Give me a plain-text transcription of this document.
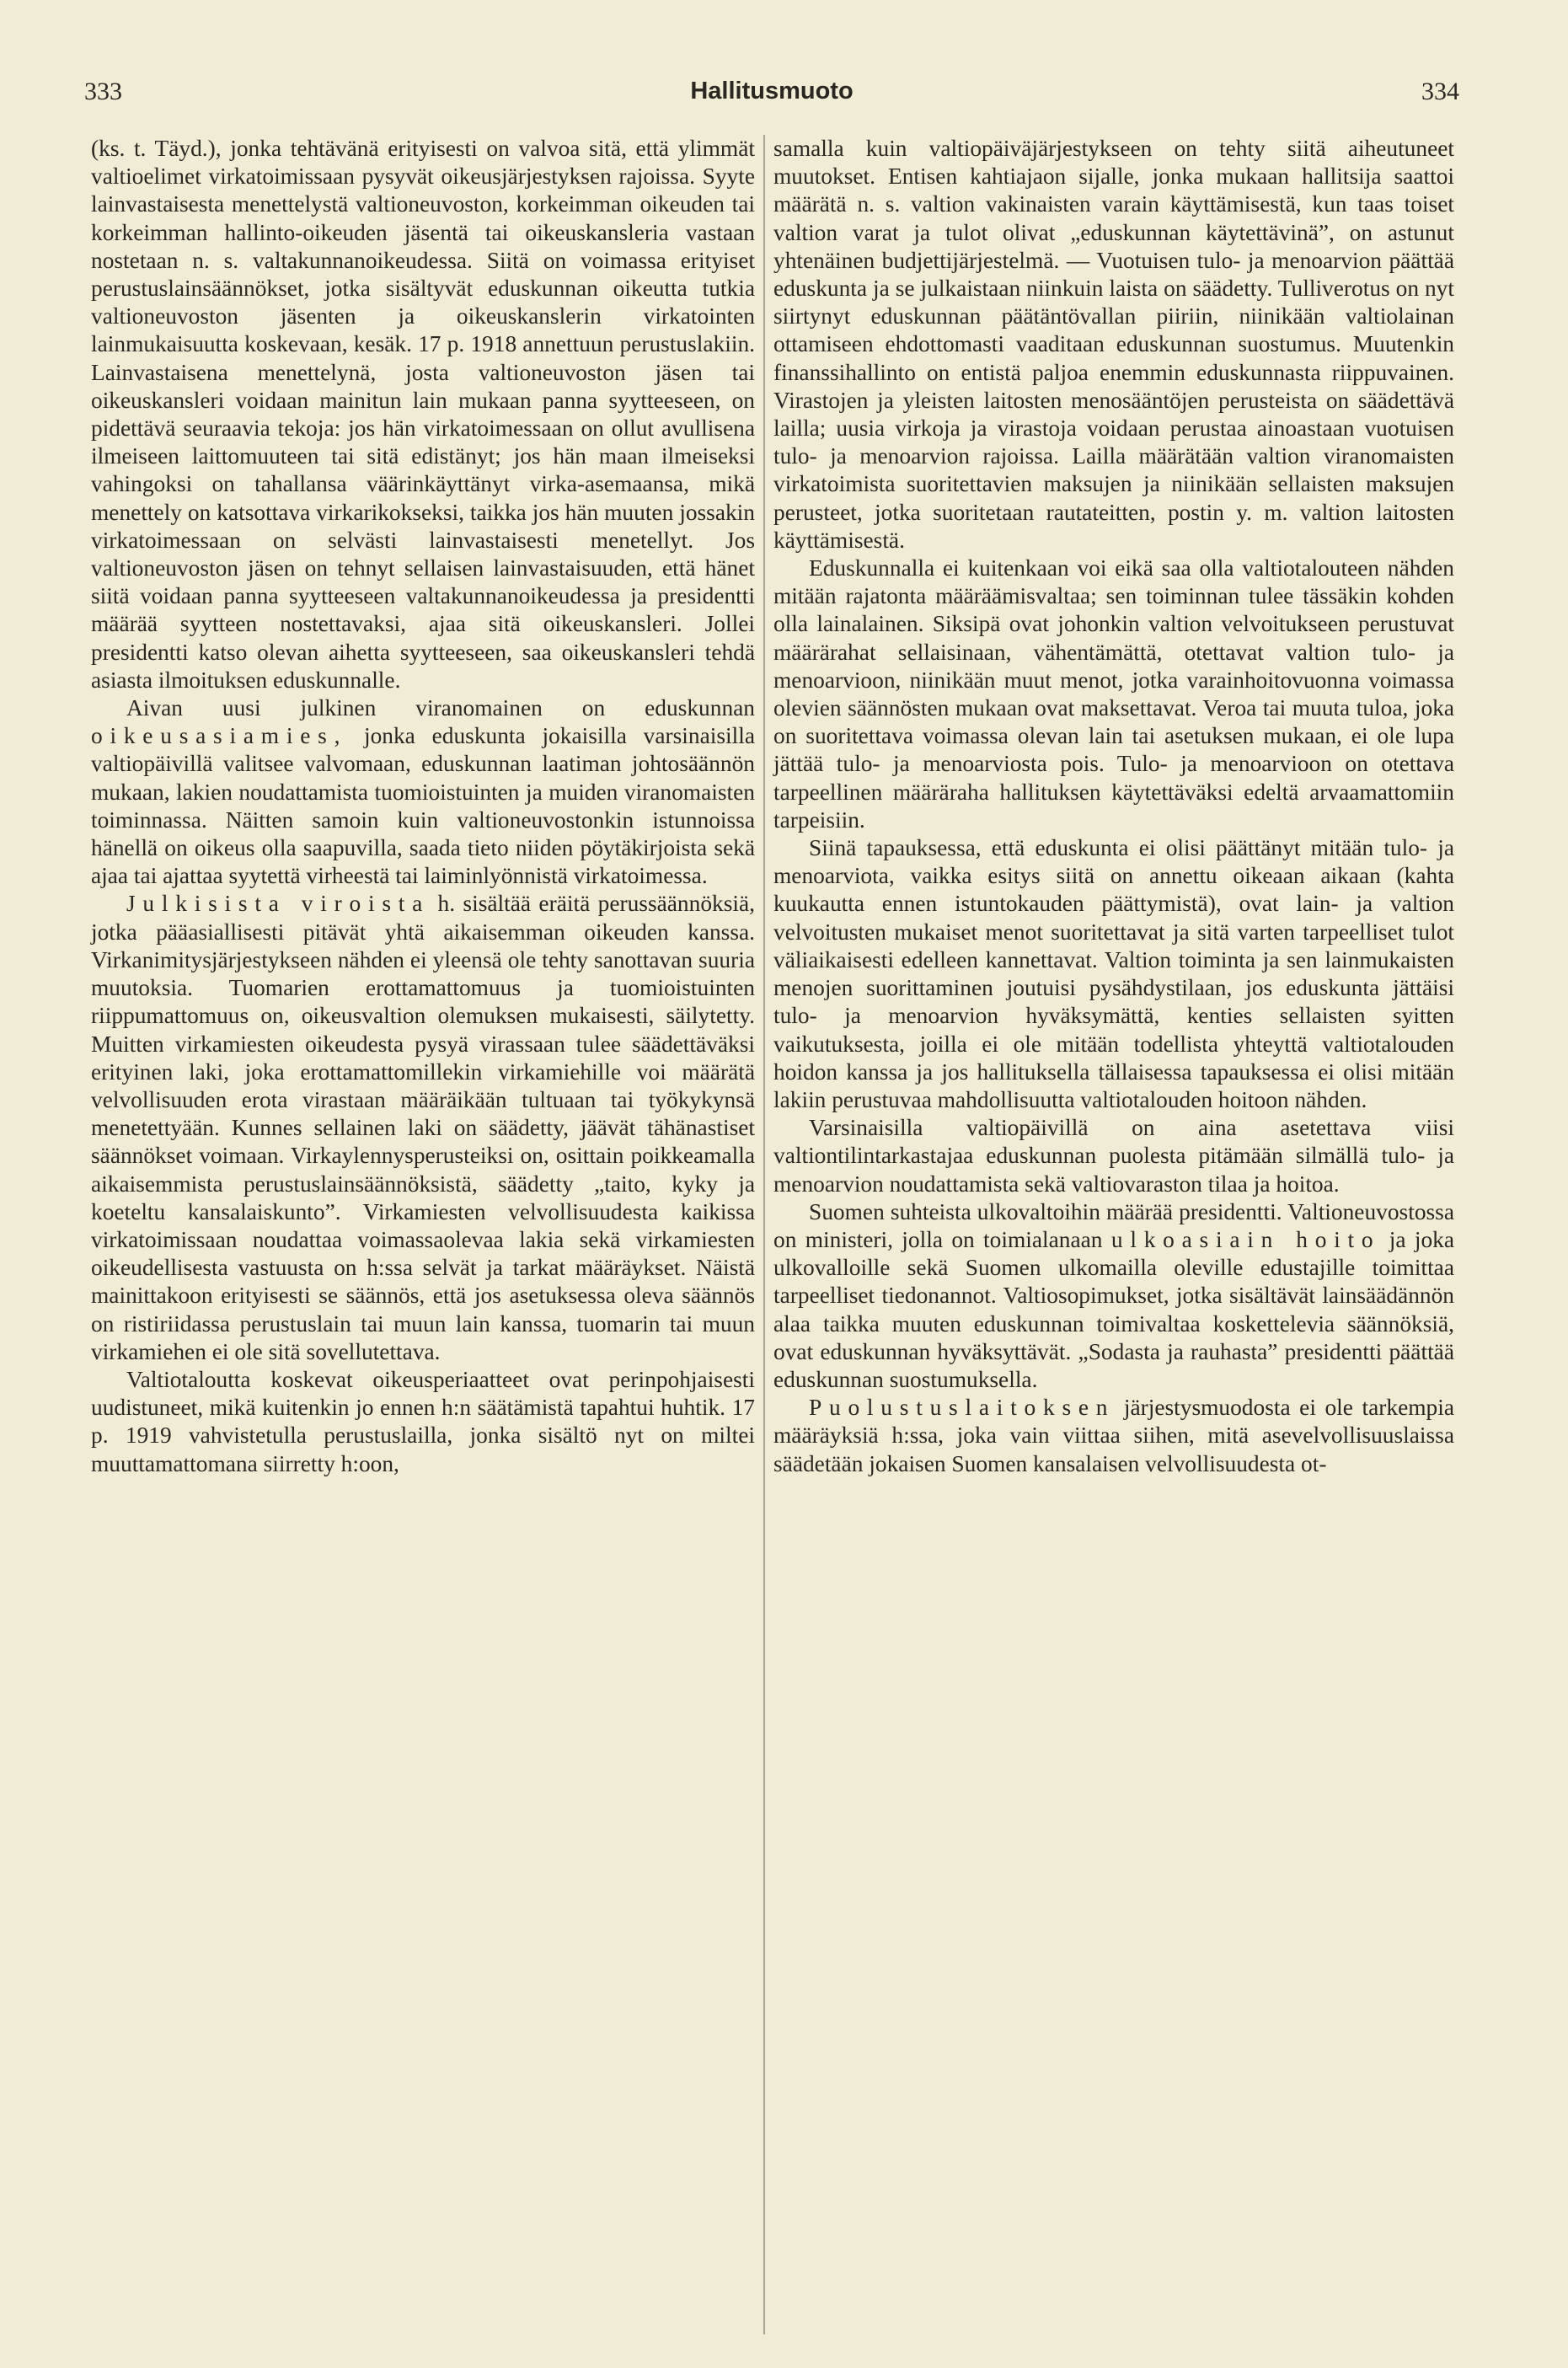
333	Hallitusmuoto	334

(ks. t. Täyd.), jonka tehtävänä erityisesti on valvoa sitä, että ylimmät valtioelimet virkatoimissaan pysyvät oikeusjärjestyksen rajoissa. Syyte lainvastaisesta menettelystä valtioneuvoston, korkeimman oikeuden tai korkeimman hallinto-oikeuden jäsentä tai oikeuskansleria vastaan nostetaan n. s. valtakunnanoikeudessa. Siitä on voimassa erityiset perustuslainsäännökset, jotka sisältyvät eduskunnan oikeutta tutkia valtioneuvoston jäsenten ja oikeuskanslerin virkatointen lainmukaisuutta koskevaan, kesäk. 17 p. 1918 annettuun perustuslakiin. Lainvastaisena menettelynä, josta valtioneuvoston jäsen tai oikeuskansleri voidaan mainitun lain mukaan panna syytteeseen, on pidettävä seuraavia tekoja: jos hän virkatoimessaan on ollut avullisena ilmeiseen laittomuuteen tai sitä edistänyt; jos hän maan ilmeiseksi vahingoksi on tahallansa väärinkäyttänyt virka-asemaansa, mikä menettely on katsottava virkarikokseksi, taikka jos hän muuten jossakin virkatoimessaan on selvästi lainvastaisesti menetellyt. Jos valtioneuvoston jäsen on tehnyt sellaisen lainvastaisuuden, että hänet siitä voidaan panna syytteeseen valtakunnanoikeudessa ja presidentti määrää syytteen nostettavaksi, ajaa sitä oikeuskansleri. Jollei presidentti katso olevan aihetta syytteeseen, saa oikeuskansleri tehdä asiasta ilmoituksen eduskunnalle.

Aivan uusi julkinen viranomainen on eduskunnan oikeusasiamies, jonka eduskunta jokaisilla varsinaisilla valtiopäivillä valitsee valvomaan, eduskunnan laatiman johtosäännön mukaan, lakien noudattamista tuomioistuinten ja muiden viranomaisten toiminnassa. Näitten samoin kuin valtioneuvostonkin istunnoissa hänellä on oikeus olla saapuvilla, saada tieto niiden pöytäkirjoista sekä ajaa tai ajattaa syytettä virheestä tai laiminlyönnistä virkatoimessa.

Julkisista viroista h. sisältää eräitä perussäännöksiä, jotka pääasiallisesti pitävät yhtä aikaisemman oikeuden kanssa. Virkanimitysjärjestykseen nähden ei yleensä ole tehty sanottavan suuria muutoksia. Tuomarien erottamattomuus ja tuomioistuinten riippumattomuus on, oikeusvaltion olemuksen mukaisesti, säilytetty. Muitten virkamiesten oikeudesta pysyä virassaan tulee säädettäväksi erityinen laki, joka erottamattomillekin virkamiehille voi määrätä velvollisuuden erota virastaan määräikään tultuaan tai työkykynsä menetettyään. Kunnes sellainen laki on säädetty, jäävät tähänastiset säännökset voimaan. Virkaylennysperusteiksi on, osittain poikkeamalla aikaisemmista perustuslainsäännöksistä, säädetty „taito, kyky ja koeteltu kansalaiskunto”. Virkamiesten velvollisuudesta kaikissa virkatoimissaan noudattaa voimassaolevaa lakia sekä virkamiesten oikeudellisesta vastuusta on h:ssa selvät ja tarkat määräykset. Näistä mainittakoon erityisesti se säännös, että jos asetuksessa oleva säännös on ristiriidassa perustuslain tai muun lain kanssa, tuomarin tai muun virkamiehen ei ole sitä sovellutettava.

Valtiotaloutta koskevat oikeusperiaatteet ovat perinpohjaisesti uudistuneet, mikä kuitenkin jo ennen h:n säätämistä tapahtui huhtik. 17 p. 1919 vahvistetulla perustuslailla, jonka sisältö nyt on miltei muuttamattomana siirretty h:oon,

samalla kuin valtiopäiväjärjestykseen on tehty siitä aiheutuneet muutokset. Entisen kahtiajaon sijalle, jonka mukaan hallitsija saattoi määrätä n. s. valtion vakinaisten varain käyttämisestä, kun taas toiset valtion varat ja tulot olivat „eduskunnan käytettävinä”, on astunut yhtenäinen budjettijärjestelmä. — Vuotuisen tulo- ja menoarvion päättää eduskunta ja se julkaistaan niinkuin laista on säädetty. Tulliverotus on nyt siirtynyt eduskunnan päätäntövallan piiriin, niinikään valtiolainan ottamiseen ehdottomasti vaaditaan eduskunnan suostumus. Muutenkin finanssihallinto on entistä paljoa enemmin eduskunnasta riippuvainen. Virastojen ja yleisten laitosten menosääntöjen perusteista on säädettävä lailla; uusia virkoja ja virastoja voidaan perustaa ainoastaan vuotuisen tulo- ja menoarvion rajoissa. Lailla määrätään valtion viranomaisten virkatoimista suoritettavien maksujen ja niinikään sellaisten maksujen perusteet, jotka suoritetaan rautateitten, postin y. m. valtion laitosten käyttämisestä.

Eduskunnalla ei kuitenkaan voi eikä saa olla valtiotalouteen nähden mitään rajatonta määräämisvaltaa; sen toiminnan tulee tässäkin kohden olla lainalainen. Siksipä ovat johonkin valtion velvoitukseen perustuvat määrärahat sellaisinaan, vähentämättä, otettavat valtion tulo- ja menoarvioon, niinikään muut menot, jotka varainhoitovuonna voimassa olevien säännösten mukaan ovat maksettavat. Veroa tai muuta tuloa, joka on suoritettava voimassa olevan lain tai asetuksen mukaan, ei ole lupa jättää tulo- ja menoarviosta pois. Tulo- ja menoarvioon on otettava tarpeellinen määräraha hallituksen käytettäväksi edeltä arvaamattomiin tarpeisiin.

Siinä tapauksessa, että eduskunta ei olisi päättänyt mitään tulo- ja menoarviota, vaikka esitys siitä on annettu oikeaan aikaan (kahta kuukautta ennen istuntokauden päättymistä), ovat lain- ja valtion velvoitusten mukaiset menot suoritettavat ja sitä varten tarpeelliset tulot väliaikaisesti edelleen kannettavat. Valtion toiminta ja sen lainmukaisten menojen suorittaminen joutuisi pysähdystilaan, jos eduskunta jättäisi tulo- ja menoarvion hyväksymättä, kenties sellaisten syitten vaikutuksesta, joilla ei ole mitään todellista yhteyttä valtiotalouden hoidon kanssa ja jos hallituksella tällaisessa tapauksessa ei olisi mitään lakiin perustuvaa mahdollisuutta valtiotalouden hoitoon nähden.

Varsinaisilla valtiopäivillä on aina asetettava viisi valtiontilintarkastajaa eduskunnan puolesta pitämään silmällä tulo- ja menoarvion noudattamista sekä valtiovaraston tilaa ja hoitoa.

Suomen suhteista ulkovaltoihin määrää presidentti. Valtioneuvostossa on ministeri, jolla on toimialanaan ulkoasiain hoito ja joka ulkovalloille sekä Suomen ulkomailla oleville edustajille toimittaa tarpeelliset tiedonannot. Valtiosopimukset, jotka sisältävät lainsäädännön alaa taikka muuten eduskunnan toimivaltaa koskettelevia säännöksiä, ovat eduskunnan hyväksyttävät. „Sodasta ja rauhasta” presidentti päättää eduskunnan suostumuksella.

Puolustuslaitoksen järjestysmuodosta ei ole tarkempia määräyksiä h:ssa, joka vain viittaa siihen, mitä asevelvollisuuslaissa säädetään jokaisen Suomen kansalaisen velvollisuudesta ot-
